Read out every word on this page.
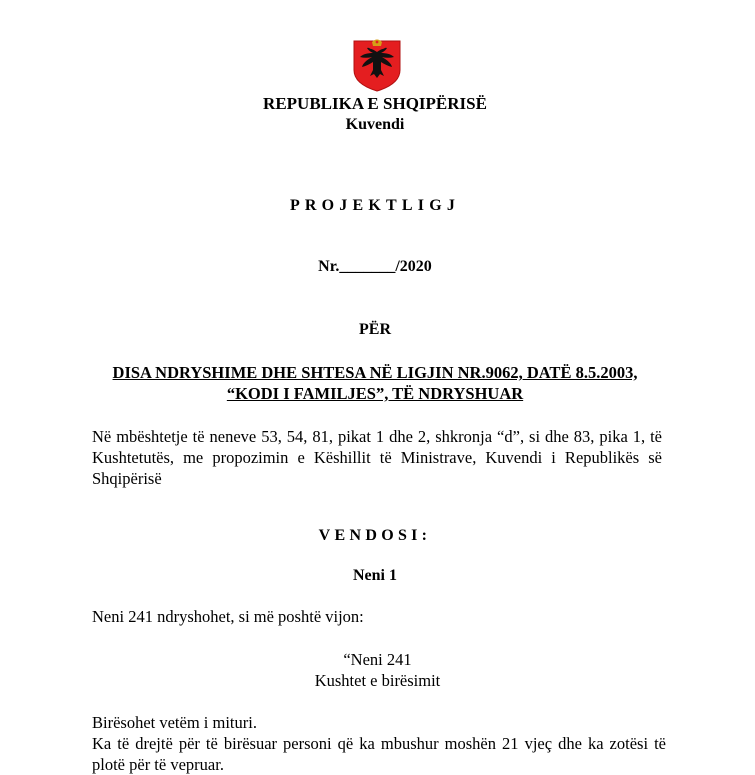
REPUBLIKA E SHQIPËRISË
Kuvendi
PROJEKTLIGJ
Nr._______/2020
PËR
DISA NDRYSHIME DHE SHTESA NË LIGJIN NR.9062, DATË 8.5.2003,
“KODI I FAMILJES”, TË NDRYSHUAR
Në mbështetje të neneve 53, 54, 81, pikat 1 dhe 2, shkronja “d”, si dhe 83, pika 1, të Kushtetutës, me propozimin e Këshillit të Ministrave, Kuvendi i Republikës së Shqipërisë
VENDOSI:
Neni 1
Neni 241 ndryshohet, si më poshtë vijon:
“Neni 241
Kushtet e birësimit
Birësohet vetëm i mituri.
Ka të drejtë për të birësuar personi që ka mbushur moshën 21 vjeç dhe ka zotësi të plotë për të vepruar.
